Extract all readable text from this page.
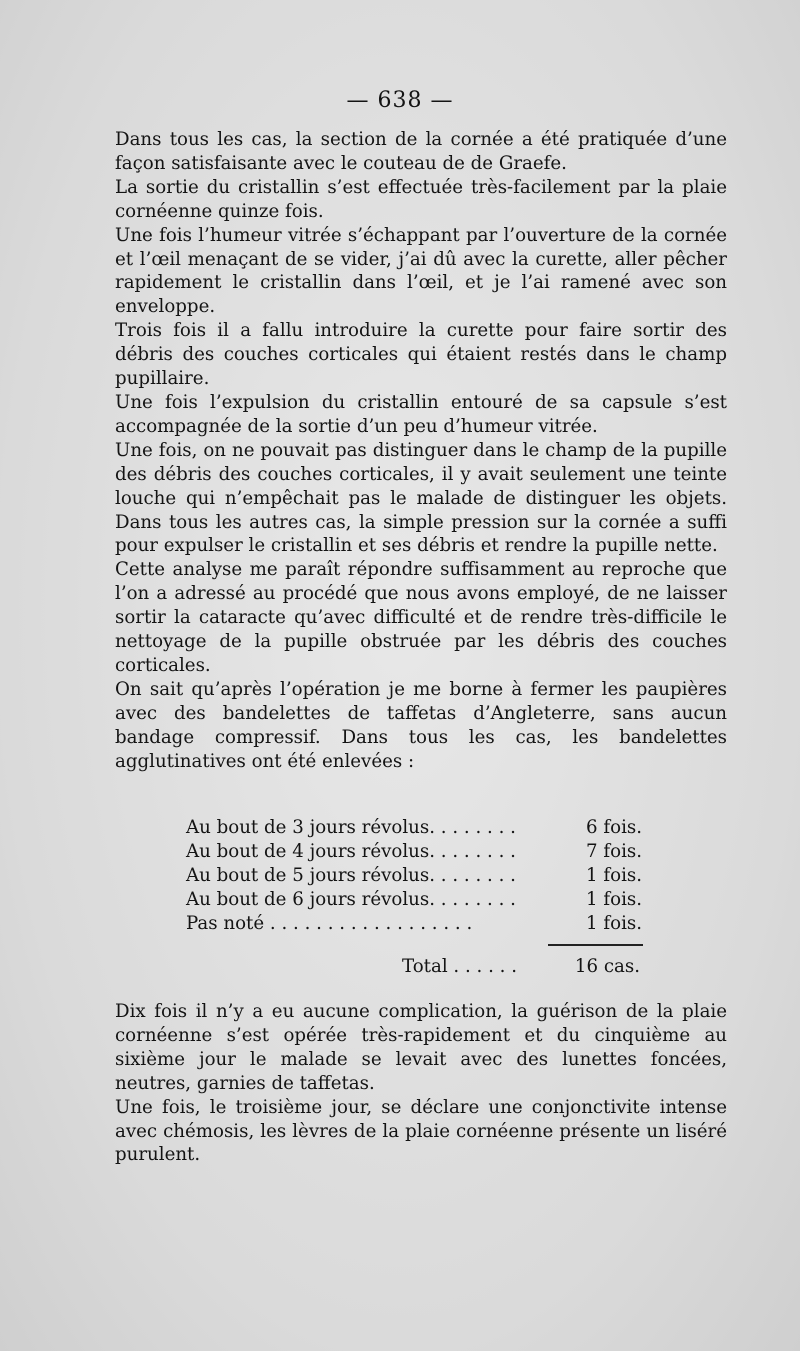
— 638 —

Dans tous les cas, la section de la cornée a été pratiquée d’une façon satisfaisante avec le couteau de de Graefe.

La sortie du cristallin s’est effectuée très-facilement par la plaie cornéenne quinze fois.

Une fois l’humeur vitrée s’échappant par l’ouverture de la cornée et l’œil menaçant de se vider, j’ai dû avec la curette, aller pêcher rapidement le cristallin dans l’œil, et je l’ai ramené avec son enveloppe.

Trois fois il a fallu introduire la curette pour faire sortir des débris des couches corticales qui étaient restés dans le champ pupillaire.

Une fois l’expulsion du cristallin entouré de sa capsule s’est accompagnée de la sortie d’un peu d’humeur vitrée.

Une fois, on ne pouvait pas distinguer dans le champ de la pupille des débris des couches corticales, il y avait seulement une teinte louche qui n’empêchait pas le malade de distinguer les objets. Dans tous les autres cas, la simple pression sur la cornée a suffi pour expulser le cristallin et ses débris et rendre la pupille nette.

Cette analyse me paraît répondre suffisamment au reproche que l’on a adressé au procédé que nous avons employé, de ne laisser sortir la cataracte qu’avec difficulté et de rendre très-difficile le nettoyage de la pupille obstruée par les débris des couches corticales.

On sait qu’après l’opération je me borne à fermer les paupières avec des bandelettes de taffetas d’Angleterre, sans aucun bandage compressif. Dans tous les cas, les bandelettes agglutinatives ont été enlevées :

Au bout de 3 jours révolus. . . . . . . .	6 fois.
Au bout de 4 jours révolus. . . . . . . .	7 fois.
Au bout de 5 jours révolus. . . . . . . .	1 fois.
Au bout de 6 jours révolus. . . . . . . .	1 fois.
Pas noté . . . . . . . . . . . . . . . . . .	1 fois.
Total . . . . . .	16 cas.

Dix fois il n’y a eu aucune complication, la guérison de la plaie cornéenne s’est opérée très-rapidement et du cinquième au sixième jour le malade se levait avec des lunettes foncées, neutres, garnies de taffetas.

Une fois, le troisième jour, se déclare une conjonctivite intense avec chémosis, les lèvres de la plaie cornéenne présente un liséré purulent.
